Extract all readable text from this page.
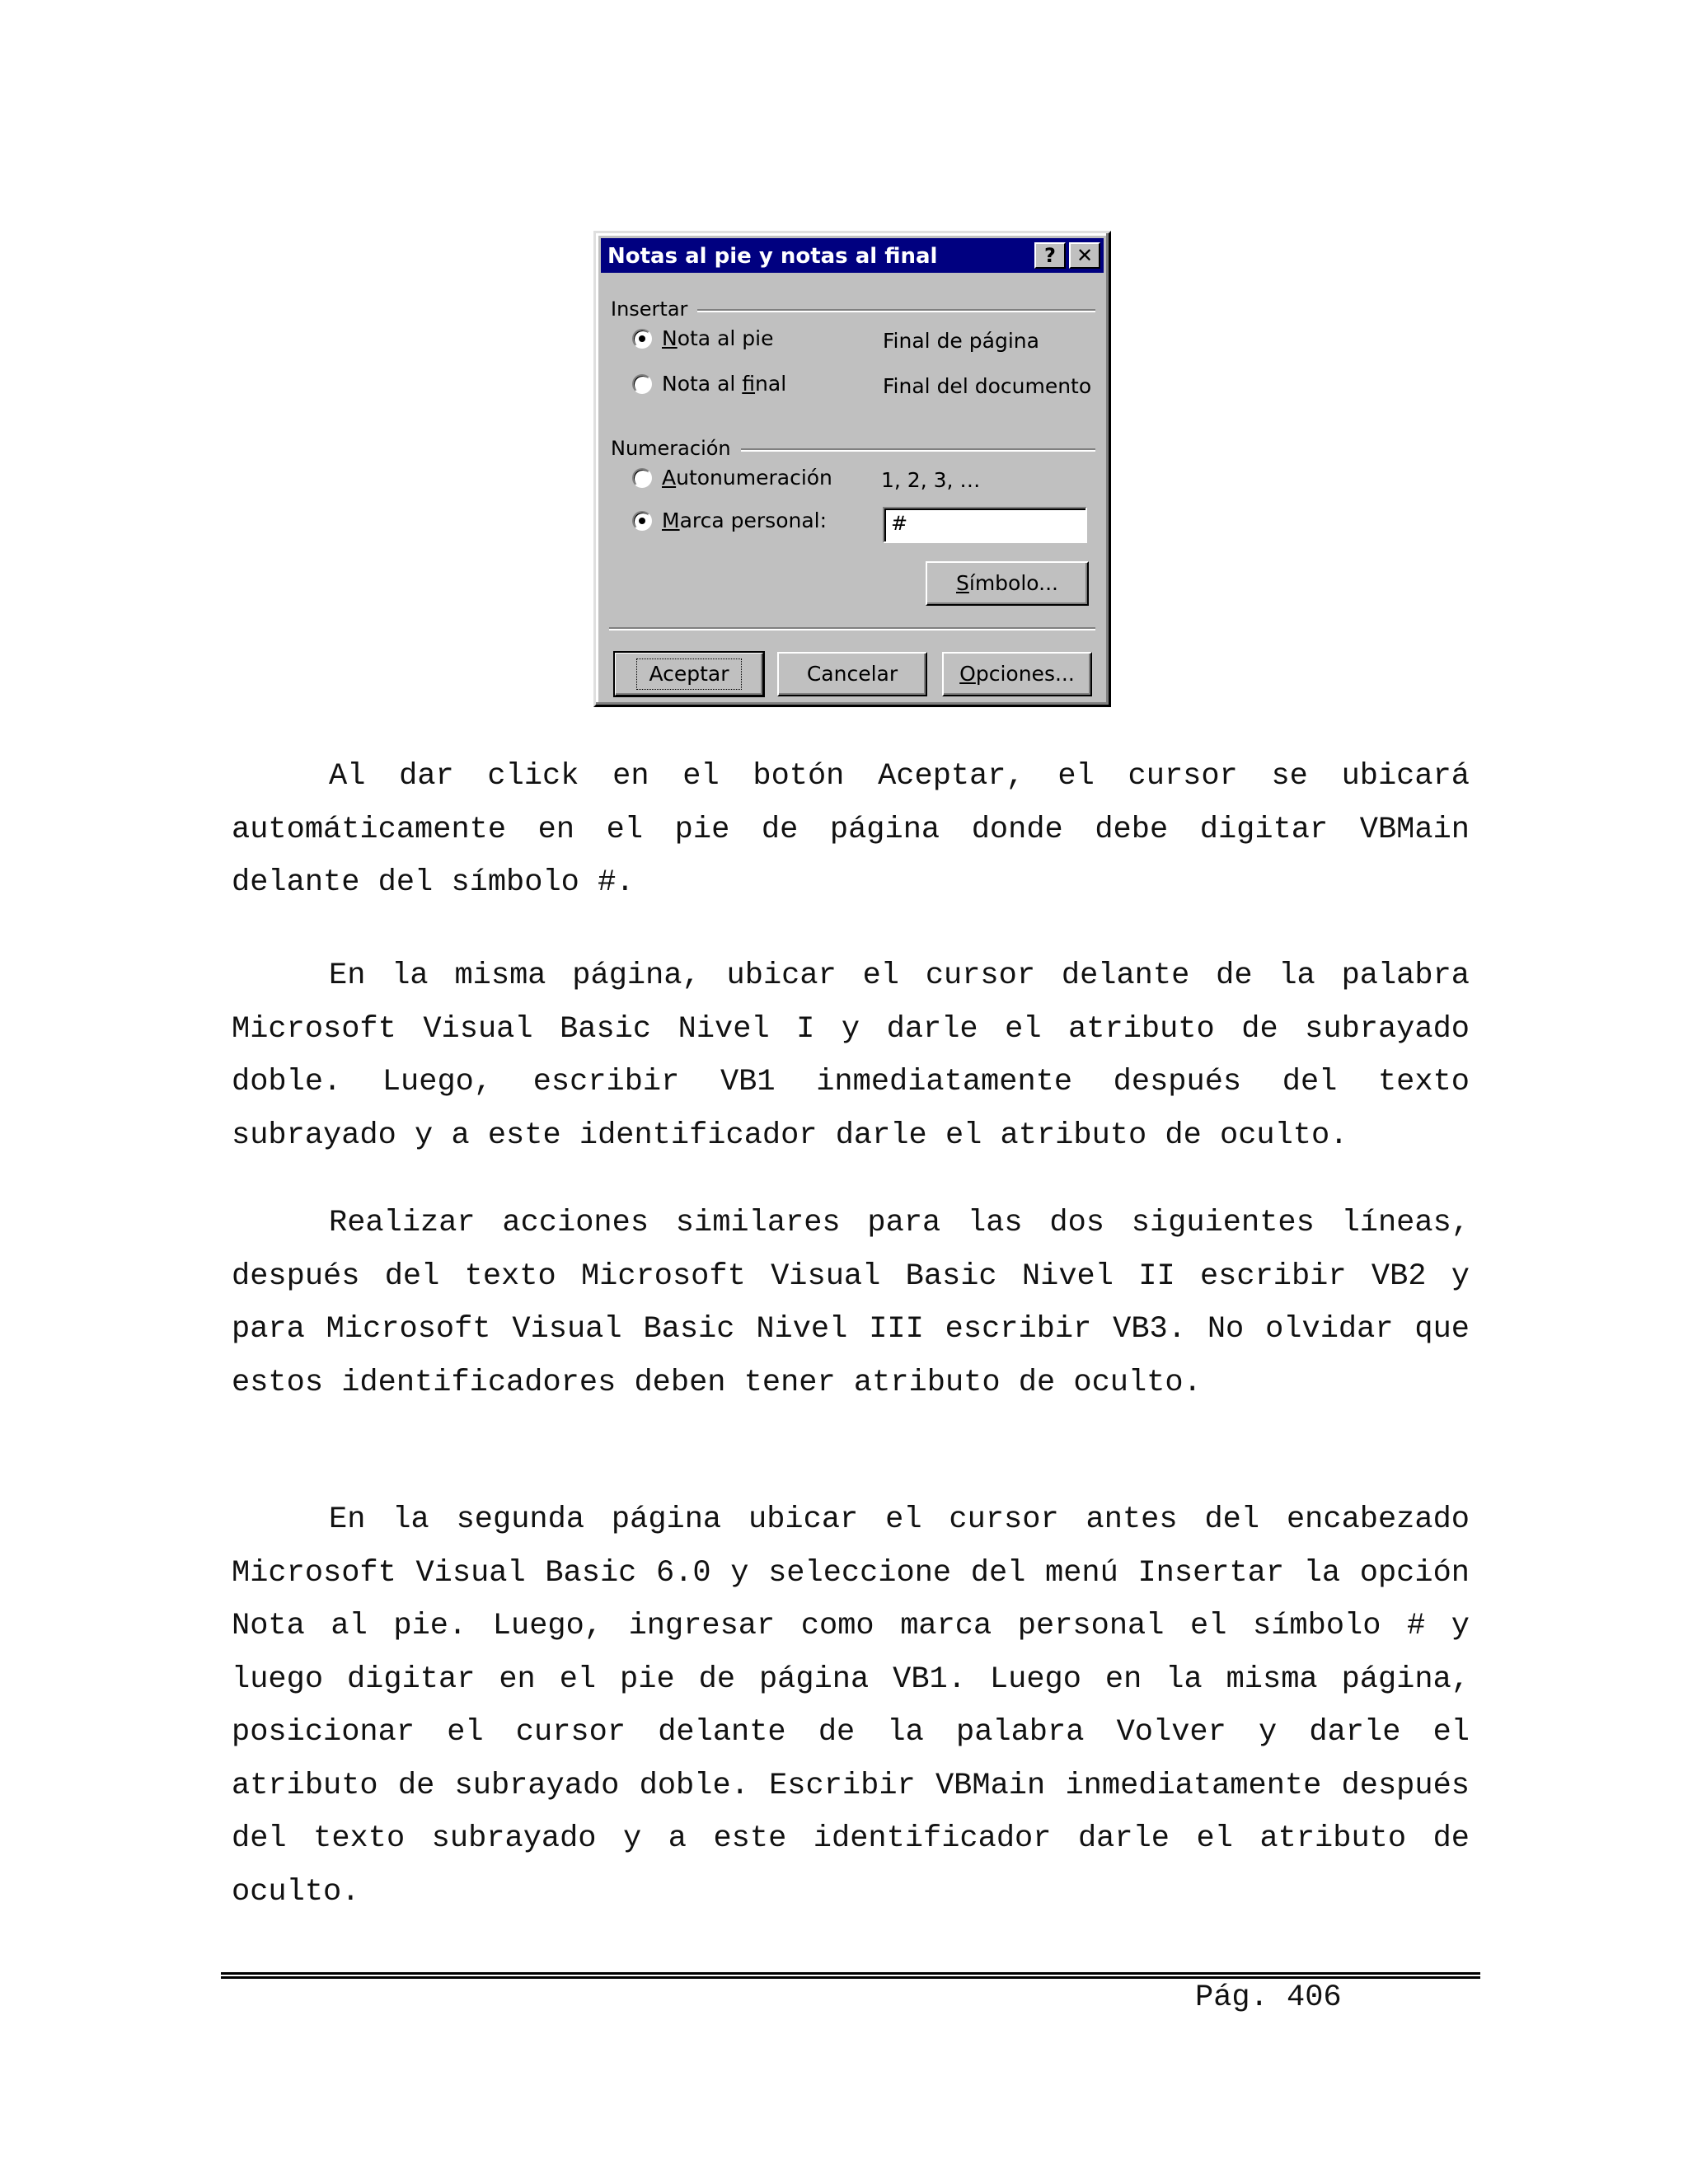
Notas al pie y notas al final	?	✕
Insertar
Nota al pie	Final de página
Nota al final	Final del documento
Numeración
Autonumeración 1, 2, 3, …
Marca personal:	#
Símbolo...
Aceptar	Cancelar	Opciones...

Al dar click en el botón Aceptar, el cursor se ubicará automáticamente en el pie de página donde debe digitar VBMain delante del símbolo #.

En la misma página, ubicar el cursor delante de la palabra Microsoft Visual Basic Nivel I y darle el atributo de subrayado doble. Luego, escribir VB1 inmediatamente después del texto subrayado y a este identificador darle el atributo de oculto.

Realizar acciones similares para las dos siguientes líneas, después del texto Microsoft Visual Basic Nivel II escribir VB2 y para Microsoft Visual Basic Nivel III escribir VB3. No olvidar que estos identificadores deben tener atributo de oculto.

En la segunda página ubicar el cursor antes del encabezado Microsoft Visual Basic 6.0 y seleccione del menú Insertar la opción Nota al pie. Luego, ingresar como marca personal el símbolo # y luego digitar en el pie de página VB1. Luego en la misma página, posicionar el cursor delante de la palabra Volver y darle el atributo de subrayado doble. Escribir VBMain inmediatamente después del texto subrayado y a este identificador darle el atributo de oculto.

Pág. 406
